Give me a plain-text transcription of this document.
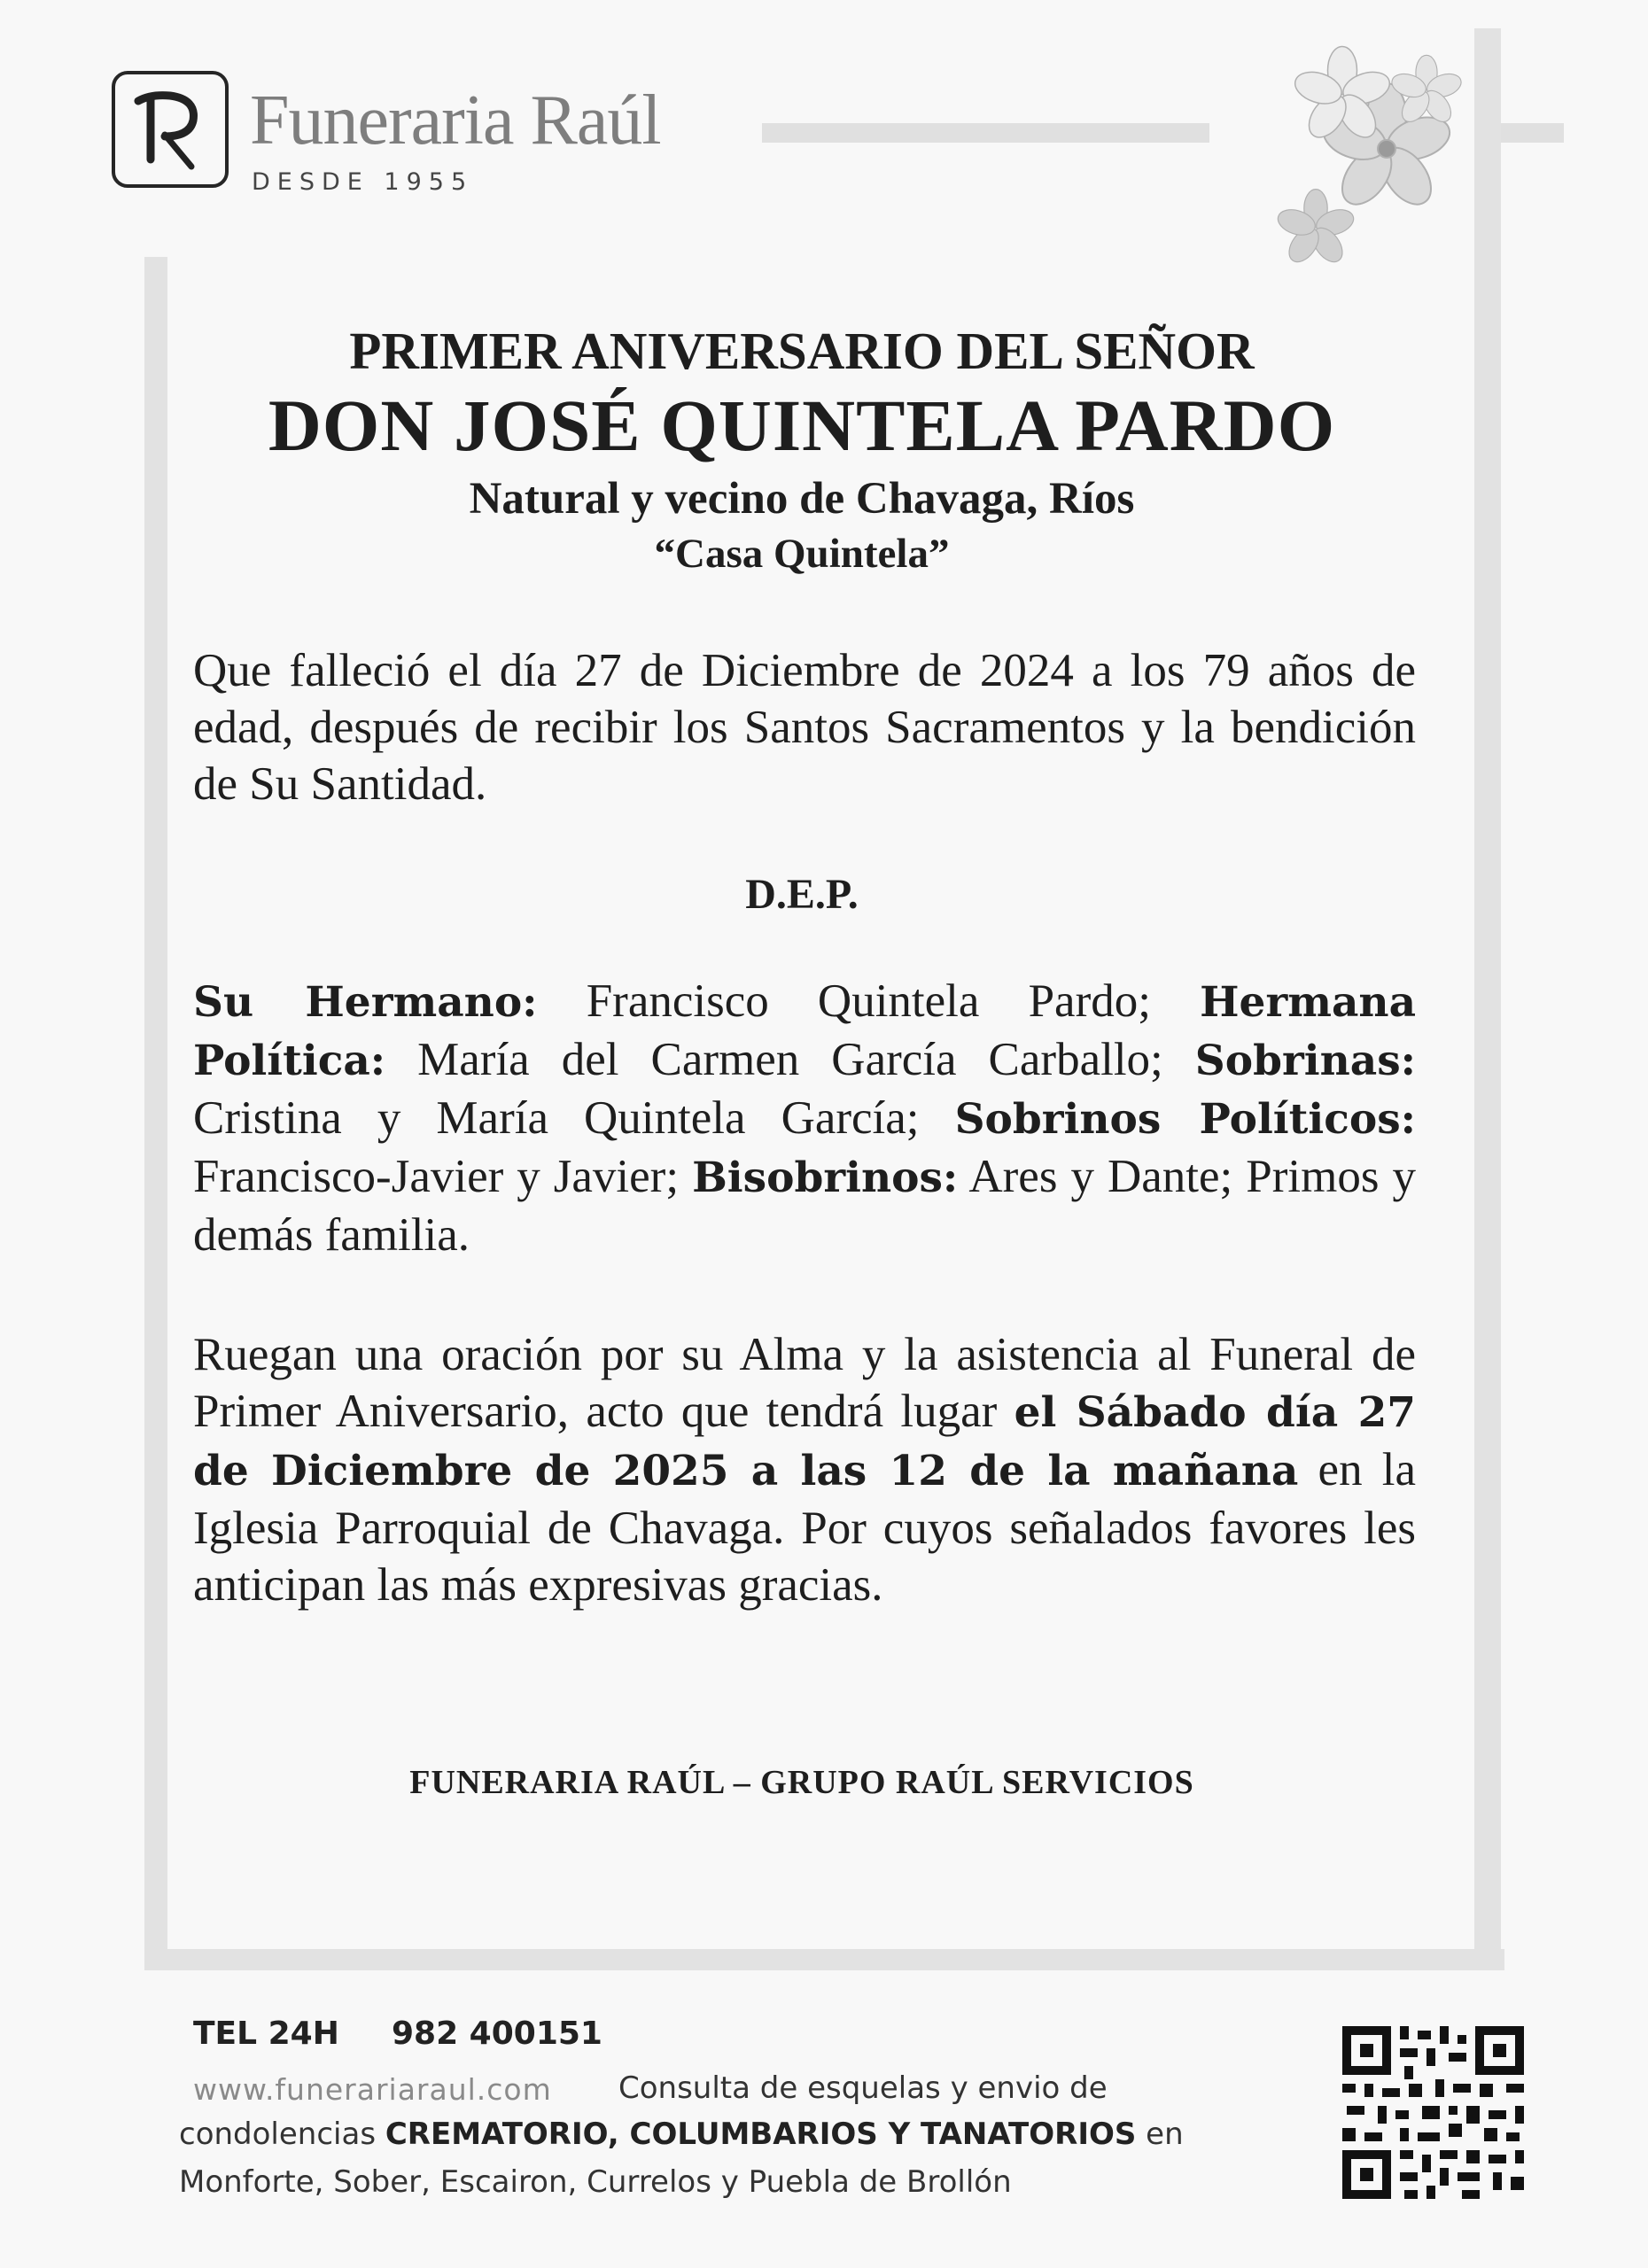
Funeraria Raúl
DESDE 1955
PRIMER ANIVERSARIO DEL SEÑOR
DON JOSÉ QUINTELA PARDO
Natural y vecino de Chavaga, Ríos
“Casa Quintela”
Que falleció el día 27 de Diciembre de 2024 a los 79 años de edad, después de recibir los Santos Sacramentos y la bendición de Su Santidad.
D.E.P.
Su Hermano: Francisco Quintela Pardo; Hermana Política: María del Carmen García Carballo; Sobrinas: Cristina y María Quintela García; Sobrinos Políticos: Francisco-Javier y Javier; Bisobrinos: Ares y Dante; Primos y demás familia.
Ruegan una oración por su Alma y la asistencia al Funeral de Primer Aniversario, acto que tendrá lugar el Sábado día 27 de Diciembre de 2025 a las 12 de la mañana en la Iglesia Parroquial de Chavaga. Por cuyos señalados favores les anticipan las más expresivas gracias.
FUNERARIA RAÚL – GRUPO RAÚL SERVICIOS
TEL 24H 982 400151
www.funerariaraul.com Consulta de esquelas y envio de
condolencias CREMATORIO, COLUMBARIOS Y TANATORIOS en
Monforte, Sober, Escairon, Currelos y Puebla de Brollón
